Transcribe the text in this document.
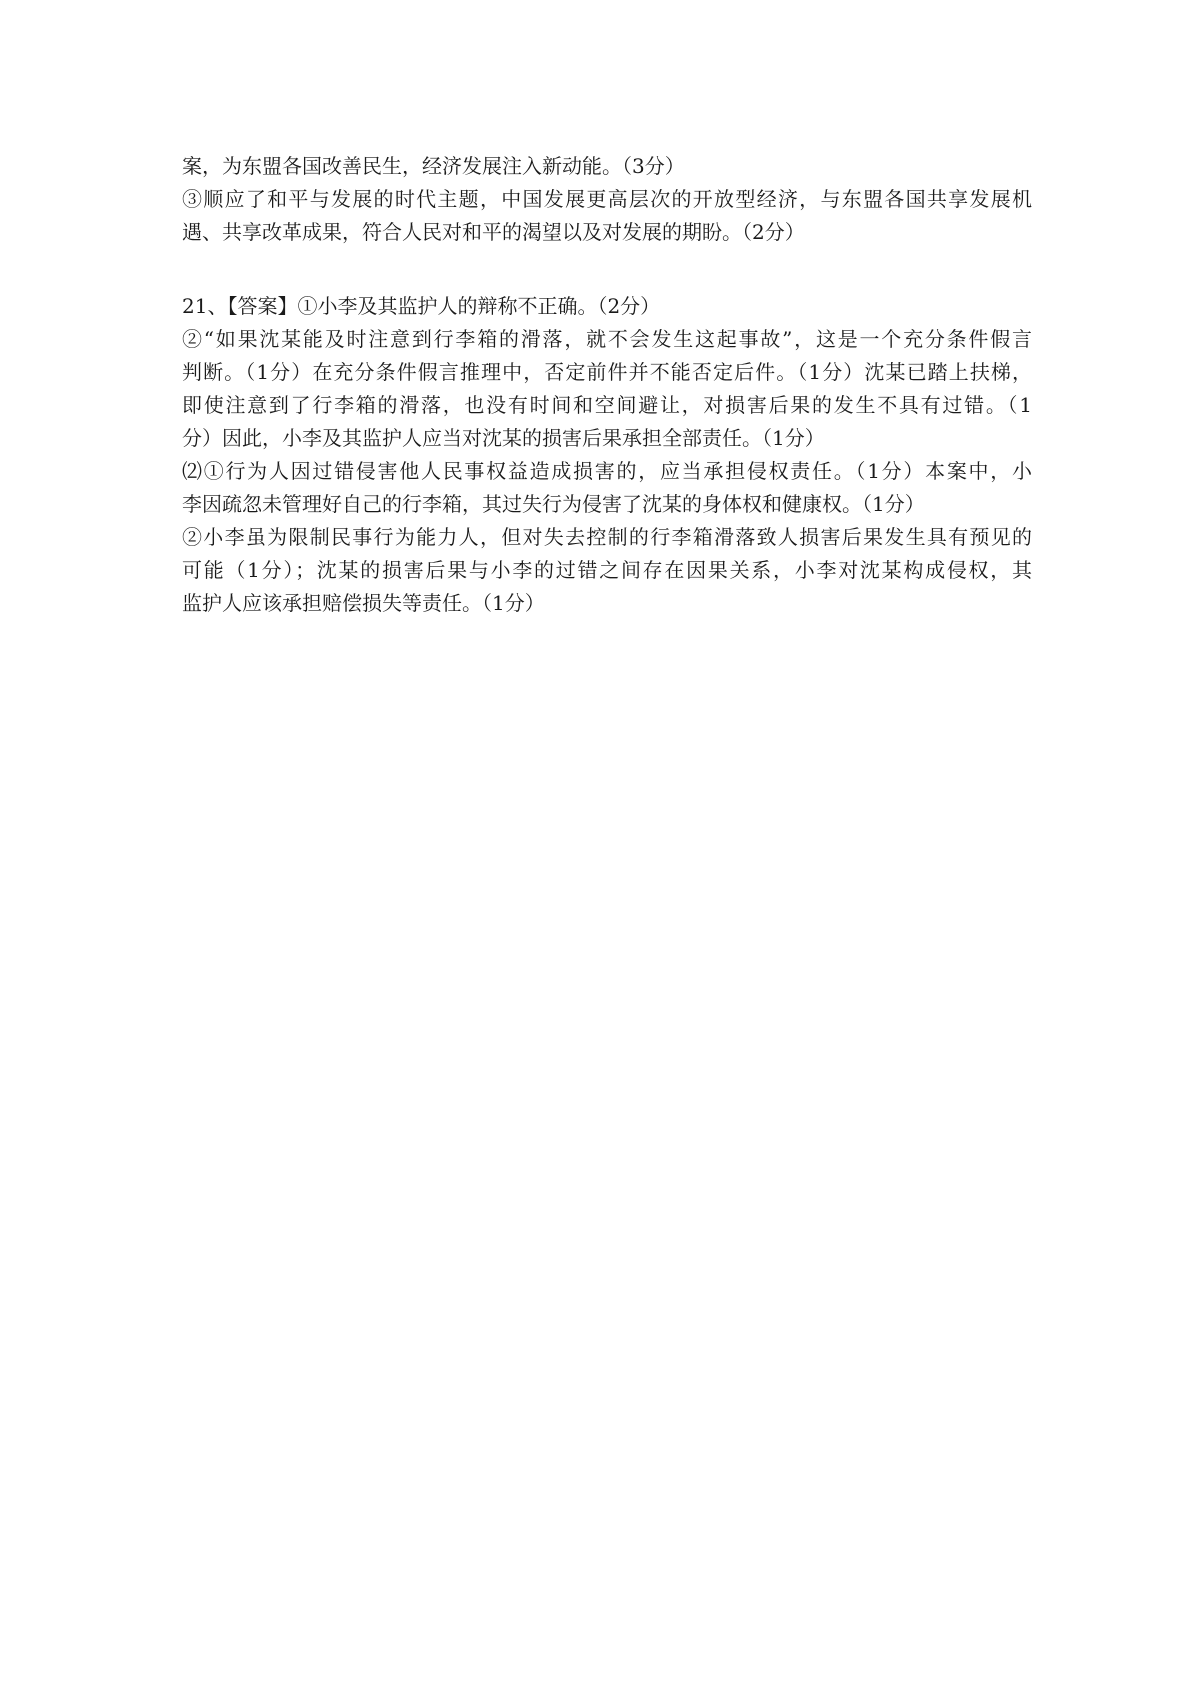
案，为东盟各国改善民生，经济发展注入新动能。（3分）
③顺应了和平与发展的时代主题，中国发展更高层次的开放型经济，与东盟各国共享发展机
遇、共享改革成果，符合人民对和平的渴望以及对发展的期盼。（2分）
21、【答案】①小李及其监护人的辩称不正确。（2分）
②“如果沈某能及时注意到行李箱的滑落，就不会发生这起事故”，这是一个充分条件假言
判断。（1分）在充分条件假言推理中，否定前件并不能否定后件。（1分）沈某已踏上扶梯，
即使注意到了行李箱的滑落，也没有时间和空间避让，对损害后果的发生不具有过错。（1
分）因此，小李及其监护人应当对沈某的损害后果承担全部责任。（1分）
⑵①行为人因过错侵害他人民事权益造成损害的，应当承担侵权责任。（1分）本案中，小
李因疏忽未管理好自己的行李箱，其过失行为侵害了沈某的身体权和健康权。（1分）
②小李虽为限制民事行为能力人，但对失去控制的行李箱滑落致人损害后果发生具有预见的
可能（1分）；沈某的损害后果与小李的过错之间存在因果关系，小李对沈某构成侵权，其
监护人应该承担赔偿损失等责任。（1分）
